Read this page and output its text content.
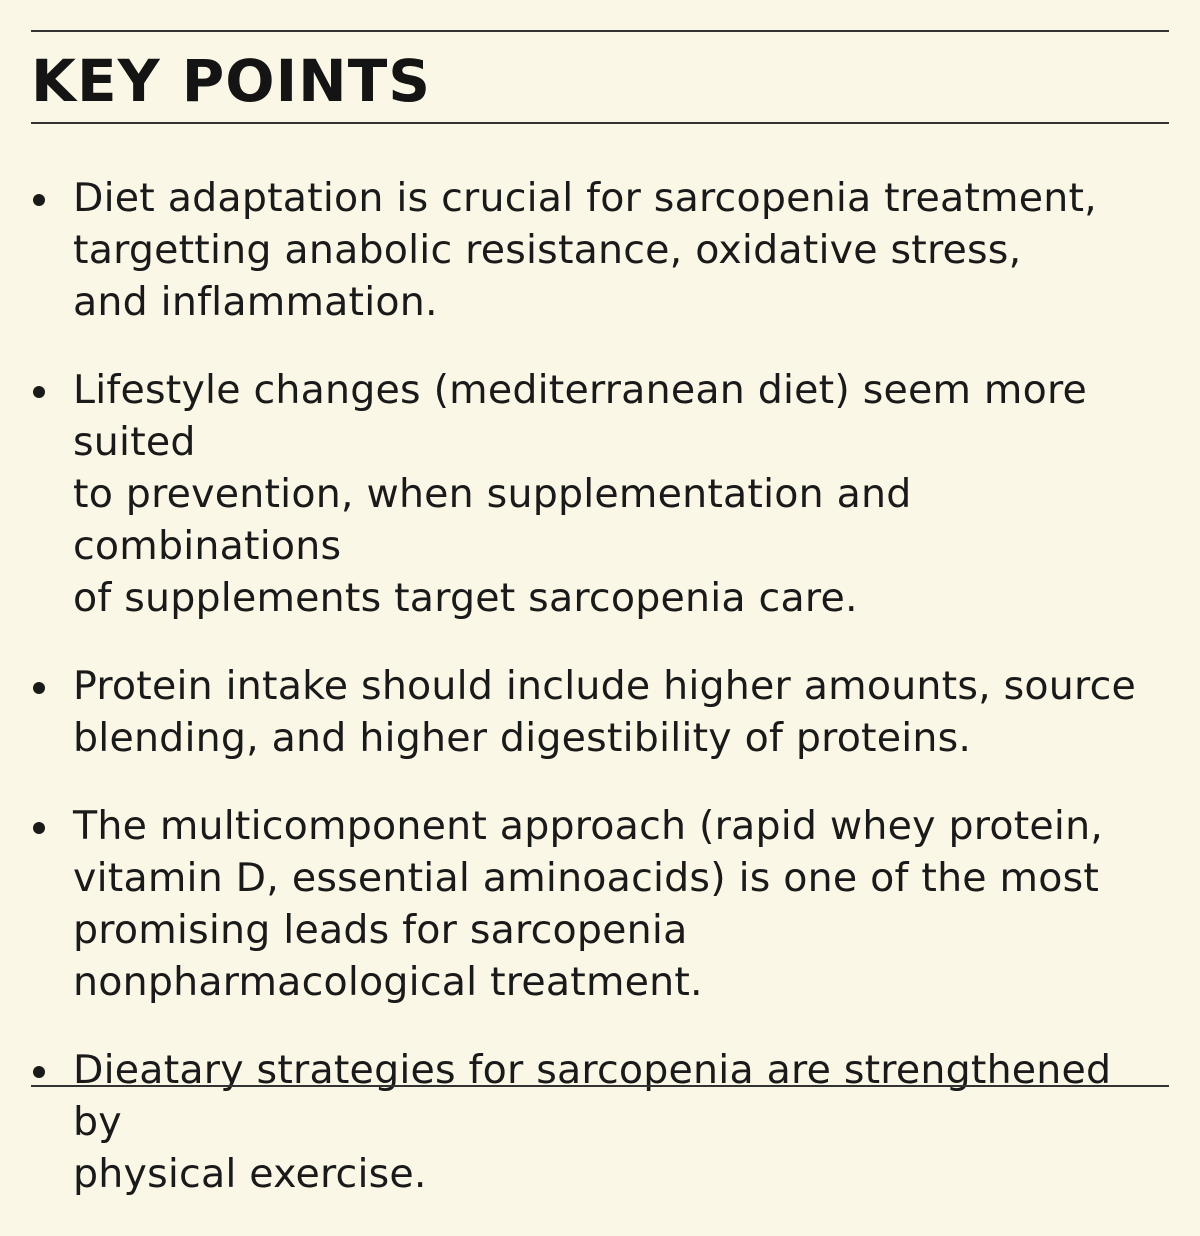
KEY POINTS
Diet adaptation is crucial for sarcopenia treatment,
targetting anabolic resistance, oxidative stress,
and inflammation.
Lifestyle changes (mediterranean diet) seem more suited
to prevention, when supplementation and combinations
of supplements target sarcopenia care.
Protein intake should include higher amounts, source
blending, and higher digestibility of proteins.
The multicomponent approach (rapid whey protein,
vitamin D, essential aminoacids) is one of the most
promising leads for sarcopenia
nonpharmacological treatment.
Dieatary strategies for sarcopenia are strengthened by
physical exercise.
